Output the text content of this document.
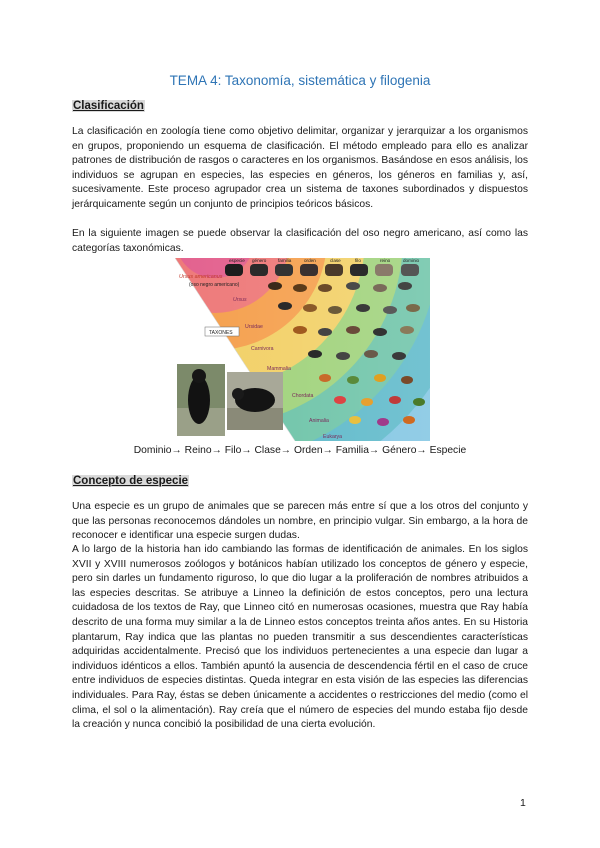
TEMA 4: Taxonomía, sistemática y filogenia
Clasificación

La clasificación en zoología tiene como objetivo delimitar, organizar y jerarquizar a los organismos en grupos, proponiendo un esquema de clasificación. El método empleado para ello es analizar patrones de distribución de rasgos o caracteres en los organismos. Basándose en esos análisis, los individuos se agrupan en especies, las especies en géneros, los géneros en familias y, así, sucesivamente. Este proceso agrupador crea un sistema de taxones subordinados y dispuestos jerárquicamente según un conjunto de principios teóricos básicos.

En la siguiente imagen se puede observar la clasificación del oso negro americano, así como las categorías taxonómicas.

especie género	familia	orden	clase	filo	reino	dominio
Ursus americanus
(oso negro americano)
TAXONES
Ursus
Ursidae
Carnivora
Mammalia
Chordata
Animalia
Eukarya

Dominio→ Reino→ Filo→ Clase→ Orden→ Familia→ Género→ Especie

Concepto de especie

Una especie es un grupo de animales que se parecen más entre sí que a los otros del conjunto y que las personas reconocemos dándoles un nombre, en principio vulgar. Sin embargo, a la hora de reconocer e identificar una especie surgen dudas.

A lo largo de la historia han ido cambiando las formas de identificación de animales. En los siglos XVII y XVIII numerosos zoólogos y botánicos habían utilizado los conceptos de género y especie, pero sin darles un fundamento riguroso, lo que dio lugar a la proliferación de nombres atribuidos a las especies descritas. Se atribuye a Linneo la definición de estos conceptos, pero una lectura cuidadosa de los textos de Ray, que Linneo citó en numerosas ocasiones, muestra que Ray había descrito de una forma muy similar a la de Linneo estos conceptos treinta años antes. En su Historia plantarum, Ray indica que las plantas no pueden transmitir a sus descendientes características adquiridas accidentalmente. Precisó que los individuos pertenecientes a una especie dan lugar a individuos idénticos a ellos. También apuntó la ausencia de descendencia fértil en el caso de cruce entre individuos de especies distintas. Queda integrar en esta visión de las especies las diferencias individuales. Para Ray, éstas se deben únicamente a accidentes o restricciones del medio (como el clima, el sol o la alimentación). Ray creía que el número de especies del mundo estaba fijo desde la creación y nunca concibió la posibilidad de una cierta evolución.

1
